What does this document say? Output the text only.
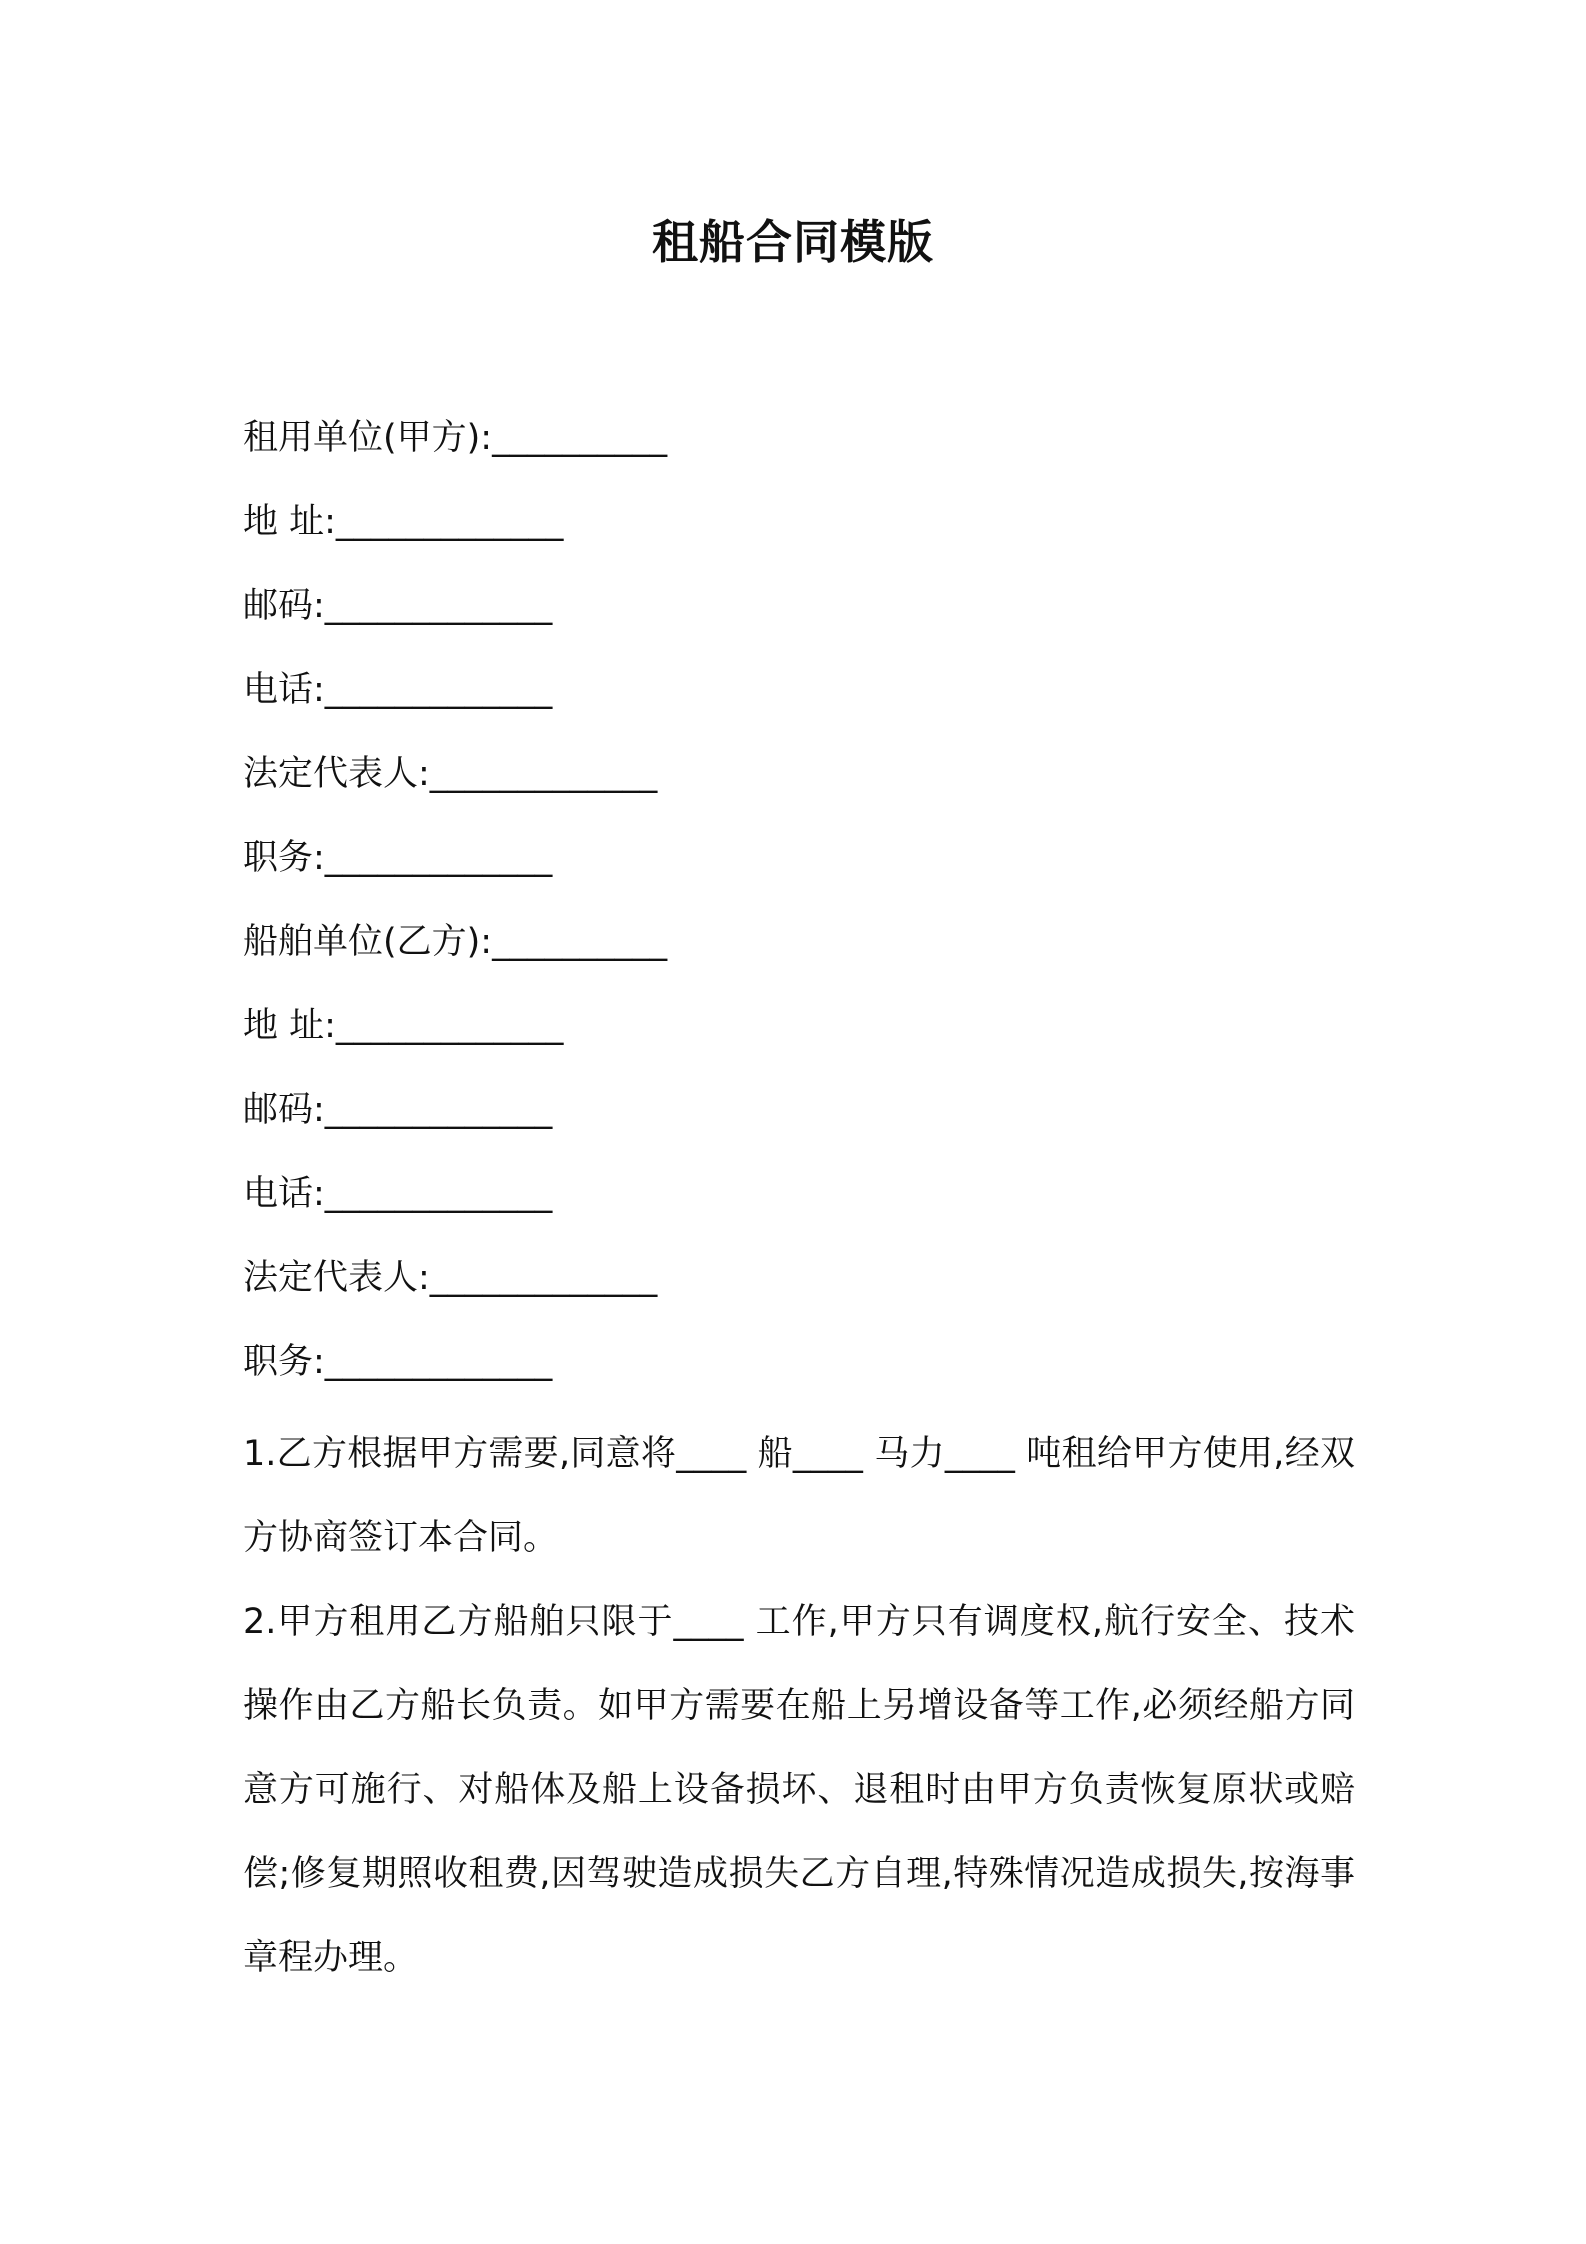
租船合同模版
租用单位(甲方):__________
地 址:_____________
邮码:_____________
电话:_____________
法定代表人:_____________
职务:_____________
船舶单位(乙方):__________
地 址:_____________
邮码:_____________
电话:_____________
法定代表人:_____________
职务:_____________

1.乙方根据甲方需要,同意将____ 船____ 马力____ 吨租给甲方使用,经双方协商签订本合同。

2.甲方租用乙方船舶只限于____ 工作,甲方只有调度权,航行安全、技术操作由乙方船长负责。如甲方需要在船上另增设备等工作,必须经船方同意方可施行、对船体及船上设备损坏、退租时由甲方负责恢复原状或赔偿;修复期照收租费,因驾驶造成损失乙方自理,特殊情况造成损失,按海事章程办理。
